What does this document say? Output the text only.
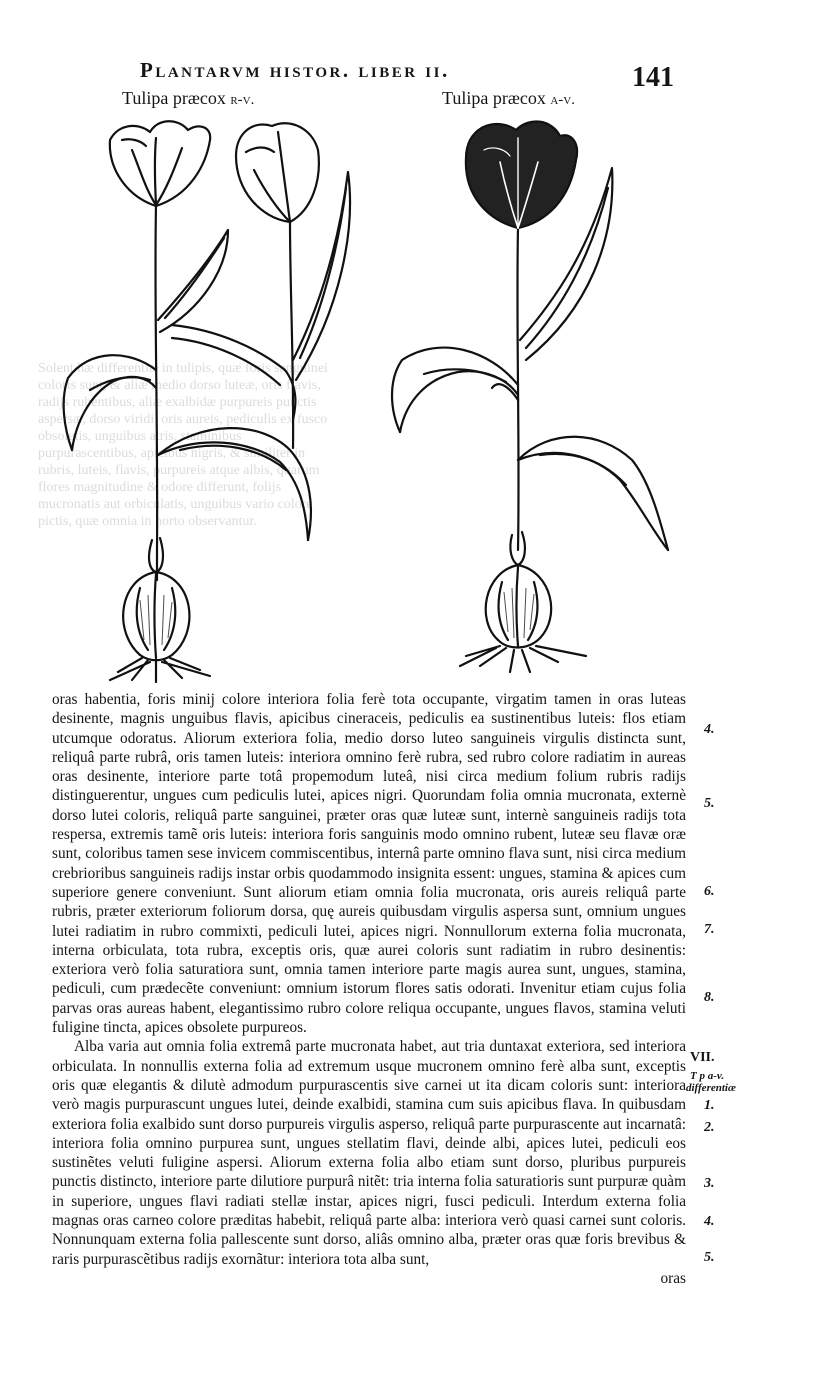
Plantarvm histor. liber ii.	141
Tulipa præcox r-v.	Tulipa præcox a-v.
Solent hæ differentiæ in tulipis, quæ foris sanguinei coloris sunt, & aliæ medio dorso luteæ, oris flavis, radijs rubentibus, aliæ exalbidæ purpureis punctis aspersæ, dorso viridi, oris aureis, pediculis ex fusco obsoletis, unguibus atris, staminibus purpurascentibus, apicibus nigris, & similiter in rubris, luteis, flavis, purpureis atque albis, quarum flores magnitudine & odore differunt, folijs mucronatis aut orbiculatis, unguibus vario colore pictis, quæ omnia in horto observantur.

oras habentia, foris minij colore interiora folia ferè tota occupante, virgatim tamen in oras luteas desinente, magnis unguibus flavis, apicibus cineraceis, pediculis ea sustinentibus luteis: flos etiam utcumque odoratus. Aliorum exteriora folia, medio dorso luteo sanguineis virgulis distincta sunt, reliquâ parte rubrâ, oris tamen luteis: interiora omnino ferè rubra, sed rubro colore radiatim in aureas oras desinente, interiore parte totâ propemodum luteâ, nisi circa medium folium rubris radijs distinguerentur, ungues cum pediculis lutei, apices nigri. Quorundam folia omnia mucronata, externè dorso lutei coloris, reliquâ parte sanguinei, præter oras quæ luteæ sunt, internè sanguineis radijs tota respersa, extremis tamẽ oris luteis: interiora foris sanguinis modo omnino rubent, luteæ seu flavæ oræ sunt, coloribus tamen sese invicem commiscentibus, internâ parte omnino flava sunt, nisi circa medium crebrioribus sanguineis radijs instar orbis quodammodo insignita essent: ungues, stamina & apices cum superiore genere conveniunt. Sunt aliorum etiam omnia folia mucronata, oris aureis reliquâ parte rubris, præter exteriorum foliorum dorsa, quę aureis quibusdam virgulis aspersa sunt, omnium ungues lutei radiatim in rubro commixti, pediculi lutei, apices nigri. Nonnullorum externa folia mucronata, interna orbiculata, tota rubra, exceptis oris, quæ aurei coloris sunt radiatim in rubro desinentis: exteriora verò folia saturatiora sunt, omnia tamen interiore parte magis aurea sunt, ungues, stamina, pediculi, cum prædecẽte conveniunt: omnium istorum flores satis odorati. Invenitur etiam cujus folia parvas oras aureas habent, elegantissimo rubro colore reliqua occupante, ungues flavos, stamina veluti fuligine tincta, apices obsolete purpureos.

Alba varia aut omnia folia extremâ parte mucronata habet, aut tria duntaxat exteriora, sed interiora orbiculata. In nonnullis externa folia ad extremum usque mucronem omnino ferè alba sunt, exceptis oris quæ elegantis & dilutè admodum purpurascentis sive carnei ut ita dicam coloris sunt: interiora verò magis purpurascunt ungues lutei, deinde exalbidi, stamina cum suis apicibus flava. In quibusdam exteriora folia exalbido sunt dorso purpureis virgulis asperso, reliquâ parte purpurascente aut incarnatâ: interiora folia omnino purpurea sunt, ungues stellatim flavi, deinde albi, apices lutei, pediculi eos sustinẽtes veluti fuligine aspersi. Aliorum externa folia albo etiam sunt dorso, pluribus purpureis punctis distincto, interiore parte dilutiore purpurâ nitẽt: tria interna folia saturatioris sunt purpuræ quàm in superiore, ungues flavi radiati stellæ instar, apices nigri, fusci pediculi. Interdum externa folia magnas oras carneo colore præditas habebit, reliquâ parte alba: interiora verò quasi carnei sunt coloris. Nonnunquam externa folia pallescente sunt dorso, aliâs omnino alba, præter oras quæ foris brevibus & raris purpurascẽtibus radijs exornãtur: interiora tota alba sunt,

oras

4.
5.
6.
7.
8.
VII.
T p a-v.
differentiæ
1.
2.
3.
4.
5.
